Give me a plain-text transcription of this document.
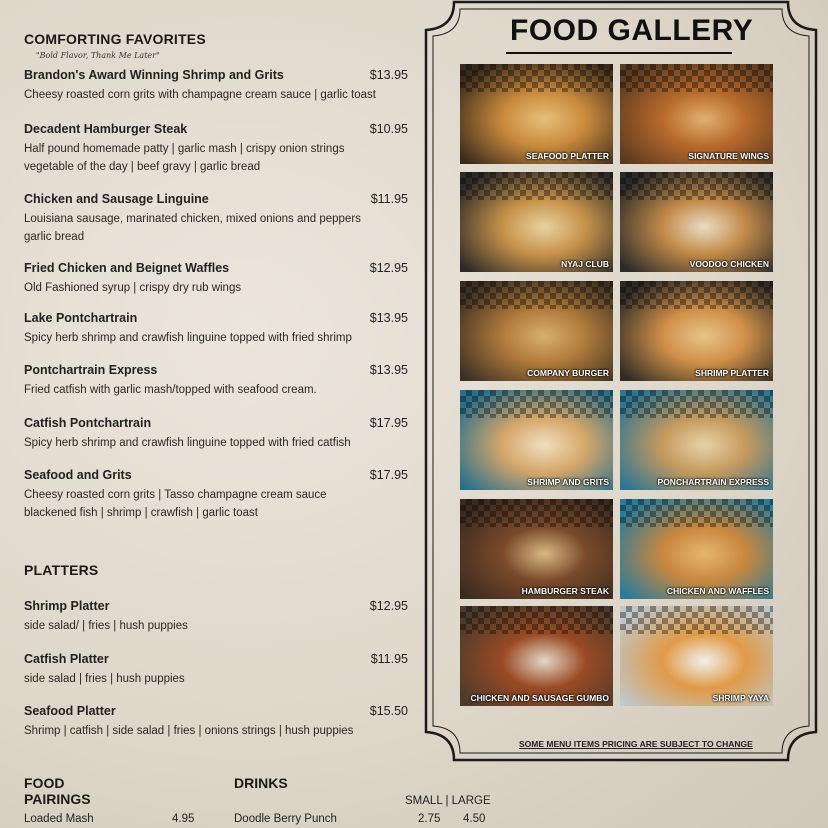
COMFORTING FAVORITES
"Bold Flavor, Thank Me Later"
Brandon's Award Winning Shrimp and Grits	$13.95
Cheesy roasted corn grits with champagne cream sauce | garlic toast
Decadent Hamburger Steak	$10.95
Half pound homemade patty | garlic mash | crispy onion strings
vegetable of the day | beef gravy | garlic bread
Chicken and Sausage Linguine	$11.95
Louisiana sausage, marinated chicken, mixed onions and peppers
garlic bread
Fried Chicken and Beignet Waffles	$12.95
Old Fashioned syrup | crispy dry rub wings
Lake Pontchartrain	$13.95
Spicy herb shrimp and crawfish linguine topped with fried shrimp
Pontchartrain Express	$13.95
Fried catfish with garlic mash/topped with seafood cream.
Catfish Pontchartrain	$17.95
Spicy herb shrimp and crawfish linguine topped with fried catfish
Seafood and Grits	$17.95
Cheesy roasted corn grits | Tasso champagne cream sauce
blackened fish | shrimp | crawfish | garlic toast
PLATTERS
Shrimp Platter	$12.95
side salad/ | fries | hush puppies
Catfish Platter	$11.95
side salad | fries | hush puppies
Seafood Platter	$15.50
Shrimp | catfish | side salad | fries | onions strings | hush puppies
FOOD GALLERY
SEAFOOD PLATTER	SIGNATURE WINGS
NYAJ CLUB	VOODOO CHICKEN
COMPANY BURGER	SHRIMP PLATTER
SHRIMP AND GRITS	PONCHARTRAIN EXPRESS
HAMBURGER STEAK	CHICKEN AND WAFFLES
CHICKEN AND SAUSAGE GUMBO	SHRIMP YAYA
SOME MENU ITEMS PRICING ARE SUBJECT TO CHANGE
FOOD PAIRINGS
Loaded Mash	4.95
DRINKS
SMALL | LARGE
Doodle Berry Punch	2.75 4.50
